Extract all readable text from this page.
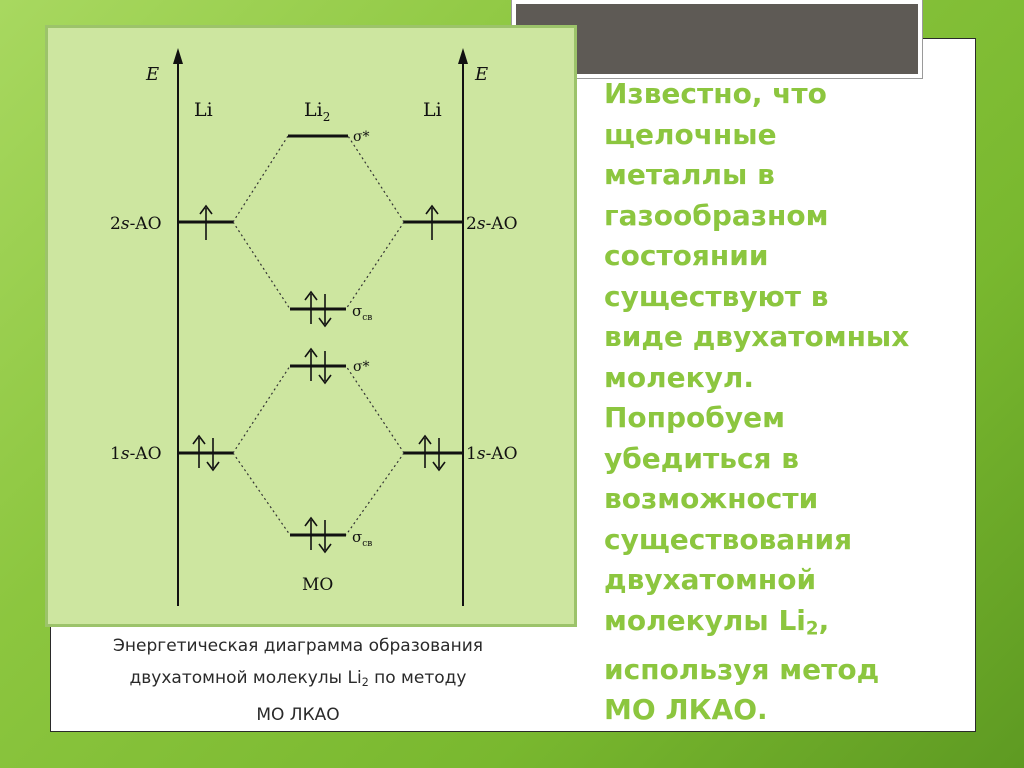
E	E
Li	Li
$Li_2$
2s-AO	2s-AO
1s-AO	1s-AO
σ*
$\sigma_{св}$
σ*
$\sigma_{св}$
MO
Энергетическая диаграмма образования
двухатомной молекулы $Li_2$ по методу
МО ЛКАО
Известно, что
щелочные
металлы в
газообразном
состоянии
существуют в
виде двухатомных
молекул.
Попробуем
убедиться в
возможности
существования
двухатомной
молекулы $Li_2$,
используя метод
МО ЛКАО.
